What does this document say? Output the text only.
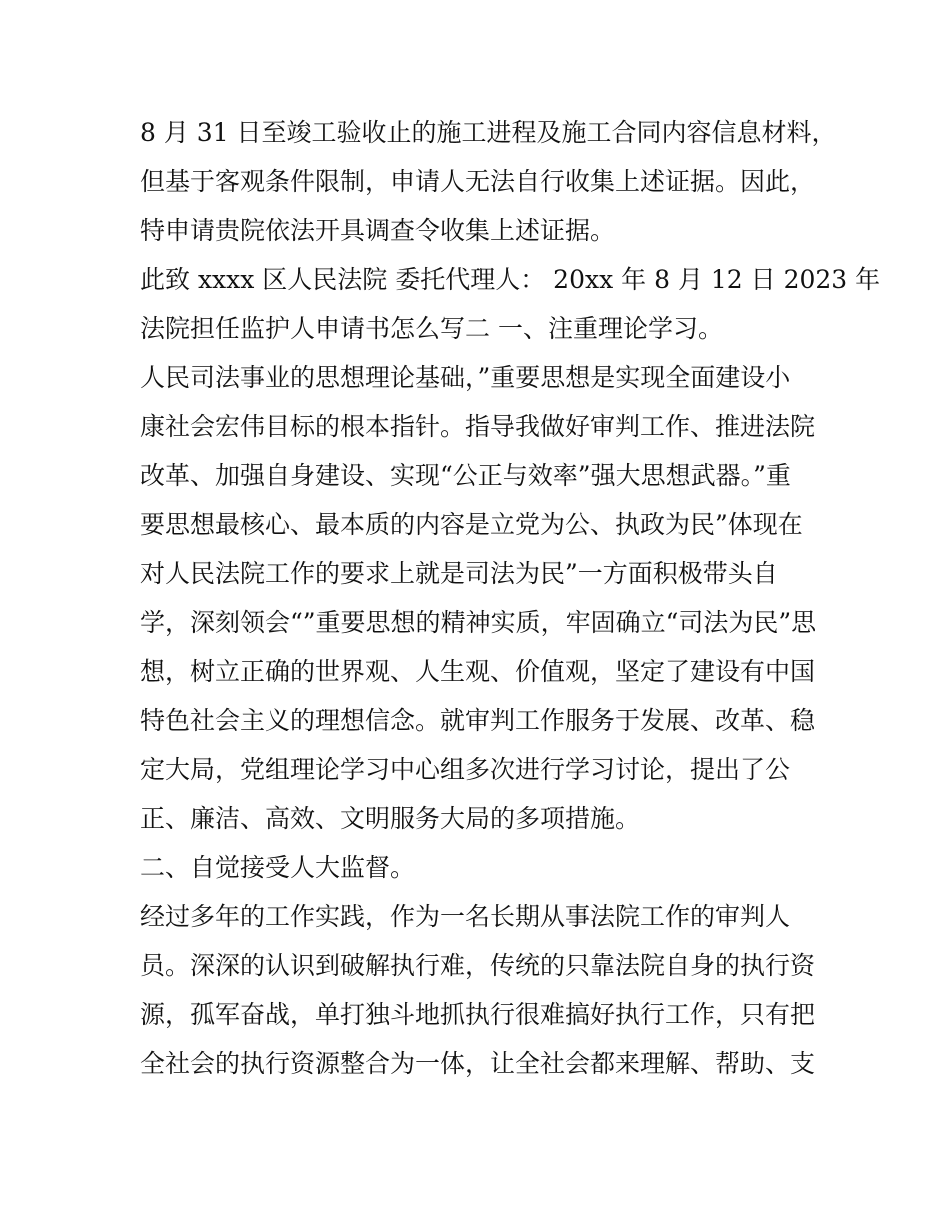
8 月 31 日至竣工验收止的施工进程及施工合同内容信息材料，
但基于客观条件限制，申请人无法自行收集上述证据。因此，
特申请贵院依法开具调查令收集上述证据。
此致 xxxx 区人民法院 委托代理人： 20xx 年 8 月 12 日 2023 年
法院担任监护人申请书怎么写二 一、注重理论学习。
人民司法事业的思想理论基础，”重要思想是实现全面建设小
康社会宏伟目标的根本指针。指导我做好审判工作、推进法院
改革、加强自身建设、实现“公正与效率”强大思想武器。”重
要思想最核心、最本质的内容是立党为公、执政为民”体现在
对人民法院工作的要求上就是司法为民”一方面积极带头自
学，深刻领会“”重要思想的精神实质，牢固确立“司法为民”思
想，树立正确的世界观、人生观、价值观，坚定了建设有中国
特色社会主义的理想信念。就审判工作服务于发展、改革、稳
定大局，党组理论学习中心组多次进行学习讨论，提出了公
正、廉洁、高效、文明服务大局的多项措施。
二、自觉接受人大监督。
经过多年的工作实践，作为一名长期从事法院工作的审判人
员。深深的认识到破解执行难，传统的只靠法院自身的执行资
源，孤军奋战，单打独斗地抓执行很难搞好执行工作，只有把
全社会的执行资源整合为一体，让全社会都来理解、帮助、支
